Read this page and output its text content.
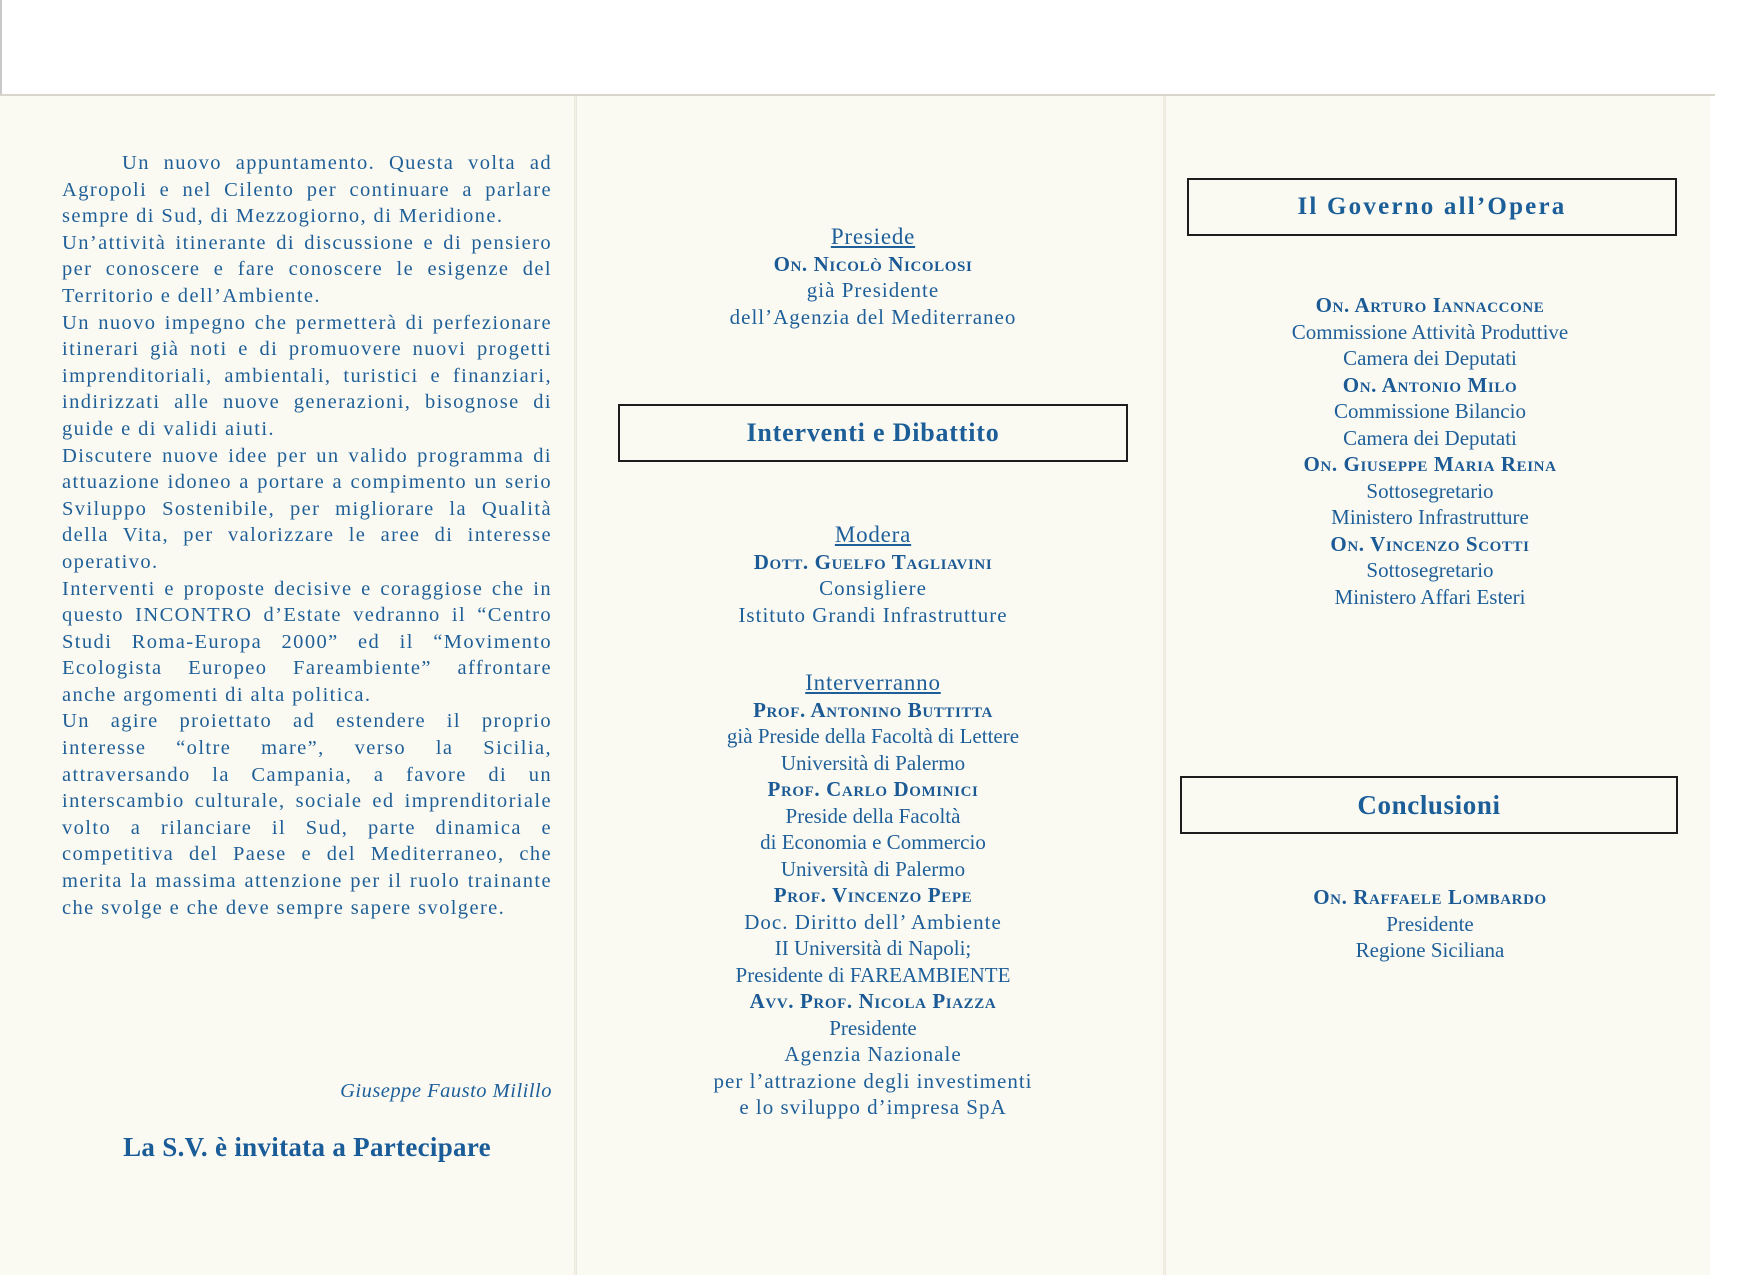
Un nuovo appuntamento. Questa volta ad Agropoli e nel Cilento per continuare a parlare sempre di Sud, di Mezzogiorno, di Meridione.

Un’attività itinerante di discussione e di pensiero per conoscere e fare conoscere le esigenze del Territorio e dell’Ambiente.

Un nuovo impegno che permetterà di perfezionare itinerari già noti e di promuovere nuovi progetti imprenditoriali, ambientali, turistici e finanziari, indirizzati alle nuove generazioni, bisognose di guide e di validi aiuti.

Discutere nuove idee per un valido programma di attuazione idoneo a portare a compimento un serio Sviluppo Sostenibile, per migliorare la Qualità della Vita, per valorizzare le aree di interesse operativo.

Interventi e proposte decisive e coraggiose che in questo INCONTRO d’Estate vedranno il “Centro Studi Roma-Europa 2000” ed il “Movimento Ecologista Europeo Fareambiente” affrontare anche argomenti di alta politica.

Un agire proiettato ad estendere il proprio interesse “oltre mare”, verso la Sicilia, attraversando la Campania, a favore di un interscambio culturale, sociale ed imprenditoriale volto a rilanciare il Sud, parte dinamica e competitiva del Paese e del Mediterraneo, che merita la massima attenzione per il ruolo trainante che svolge e che deve sempre sapere svolgere.

Giuseppe Fausto Milillo
La S.V. è invitata a Partecipare
Presiede
On. Nicolò Nicolosi
già Presidente
dell’Agenzia del Mediterraneo
Interventi e Dibattito
Modera
Dott. Guelfo Tagliavini
Consigliere
Istituto Grandi Infrastrutture
Interverranno
Prof. Antonino Buttitta
già Preside della Facoltà di Lettere
Università di Palermo
Prof. Carlo Dominici
Preside della Facoltà
di Economia e Commercio
Università di Palermo
Prof. Vincenzo Pepe
Doc. Diritto dell’ Ambiente
II Università di Napoli;
Presidente di FAREAMBIENTE
Avv. Prof. Nicola Piazza
Presidente
Agenzia Nazionale
per l’attrazione degli investimenti
e lo sviluppo d’impresa SpA
Il Governo all’Opera
On. Arturo Iannaccone
Commissione Attività Produttive
Camera dei Deputati
On. Antonio Milo
Commissione Bilancio
Camera dei Deputati
On. Giuseppe Maria Reina
Sottosegretario
Ministero Infrastrutture
On. Vincenzo Scotti
Sottosegretario
Ministero Affari Esteri
Conclusioni
On. Raffaele Lombardo
Presidente
Regione Siciliana
